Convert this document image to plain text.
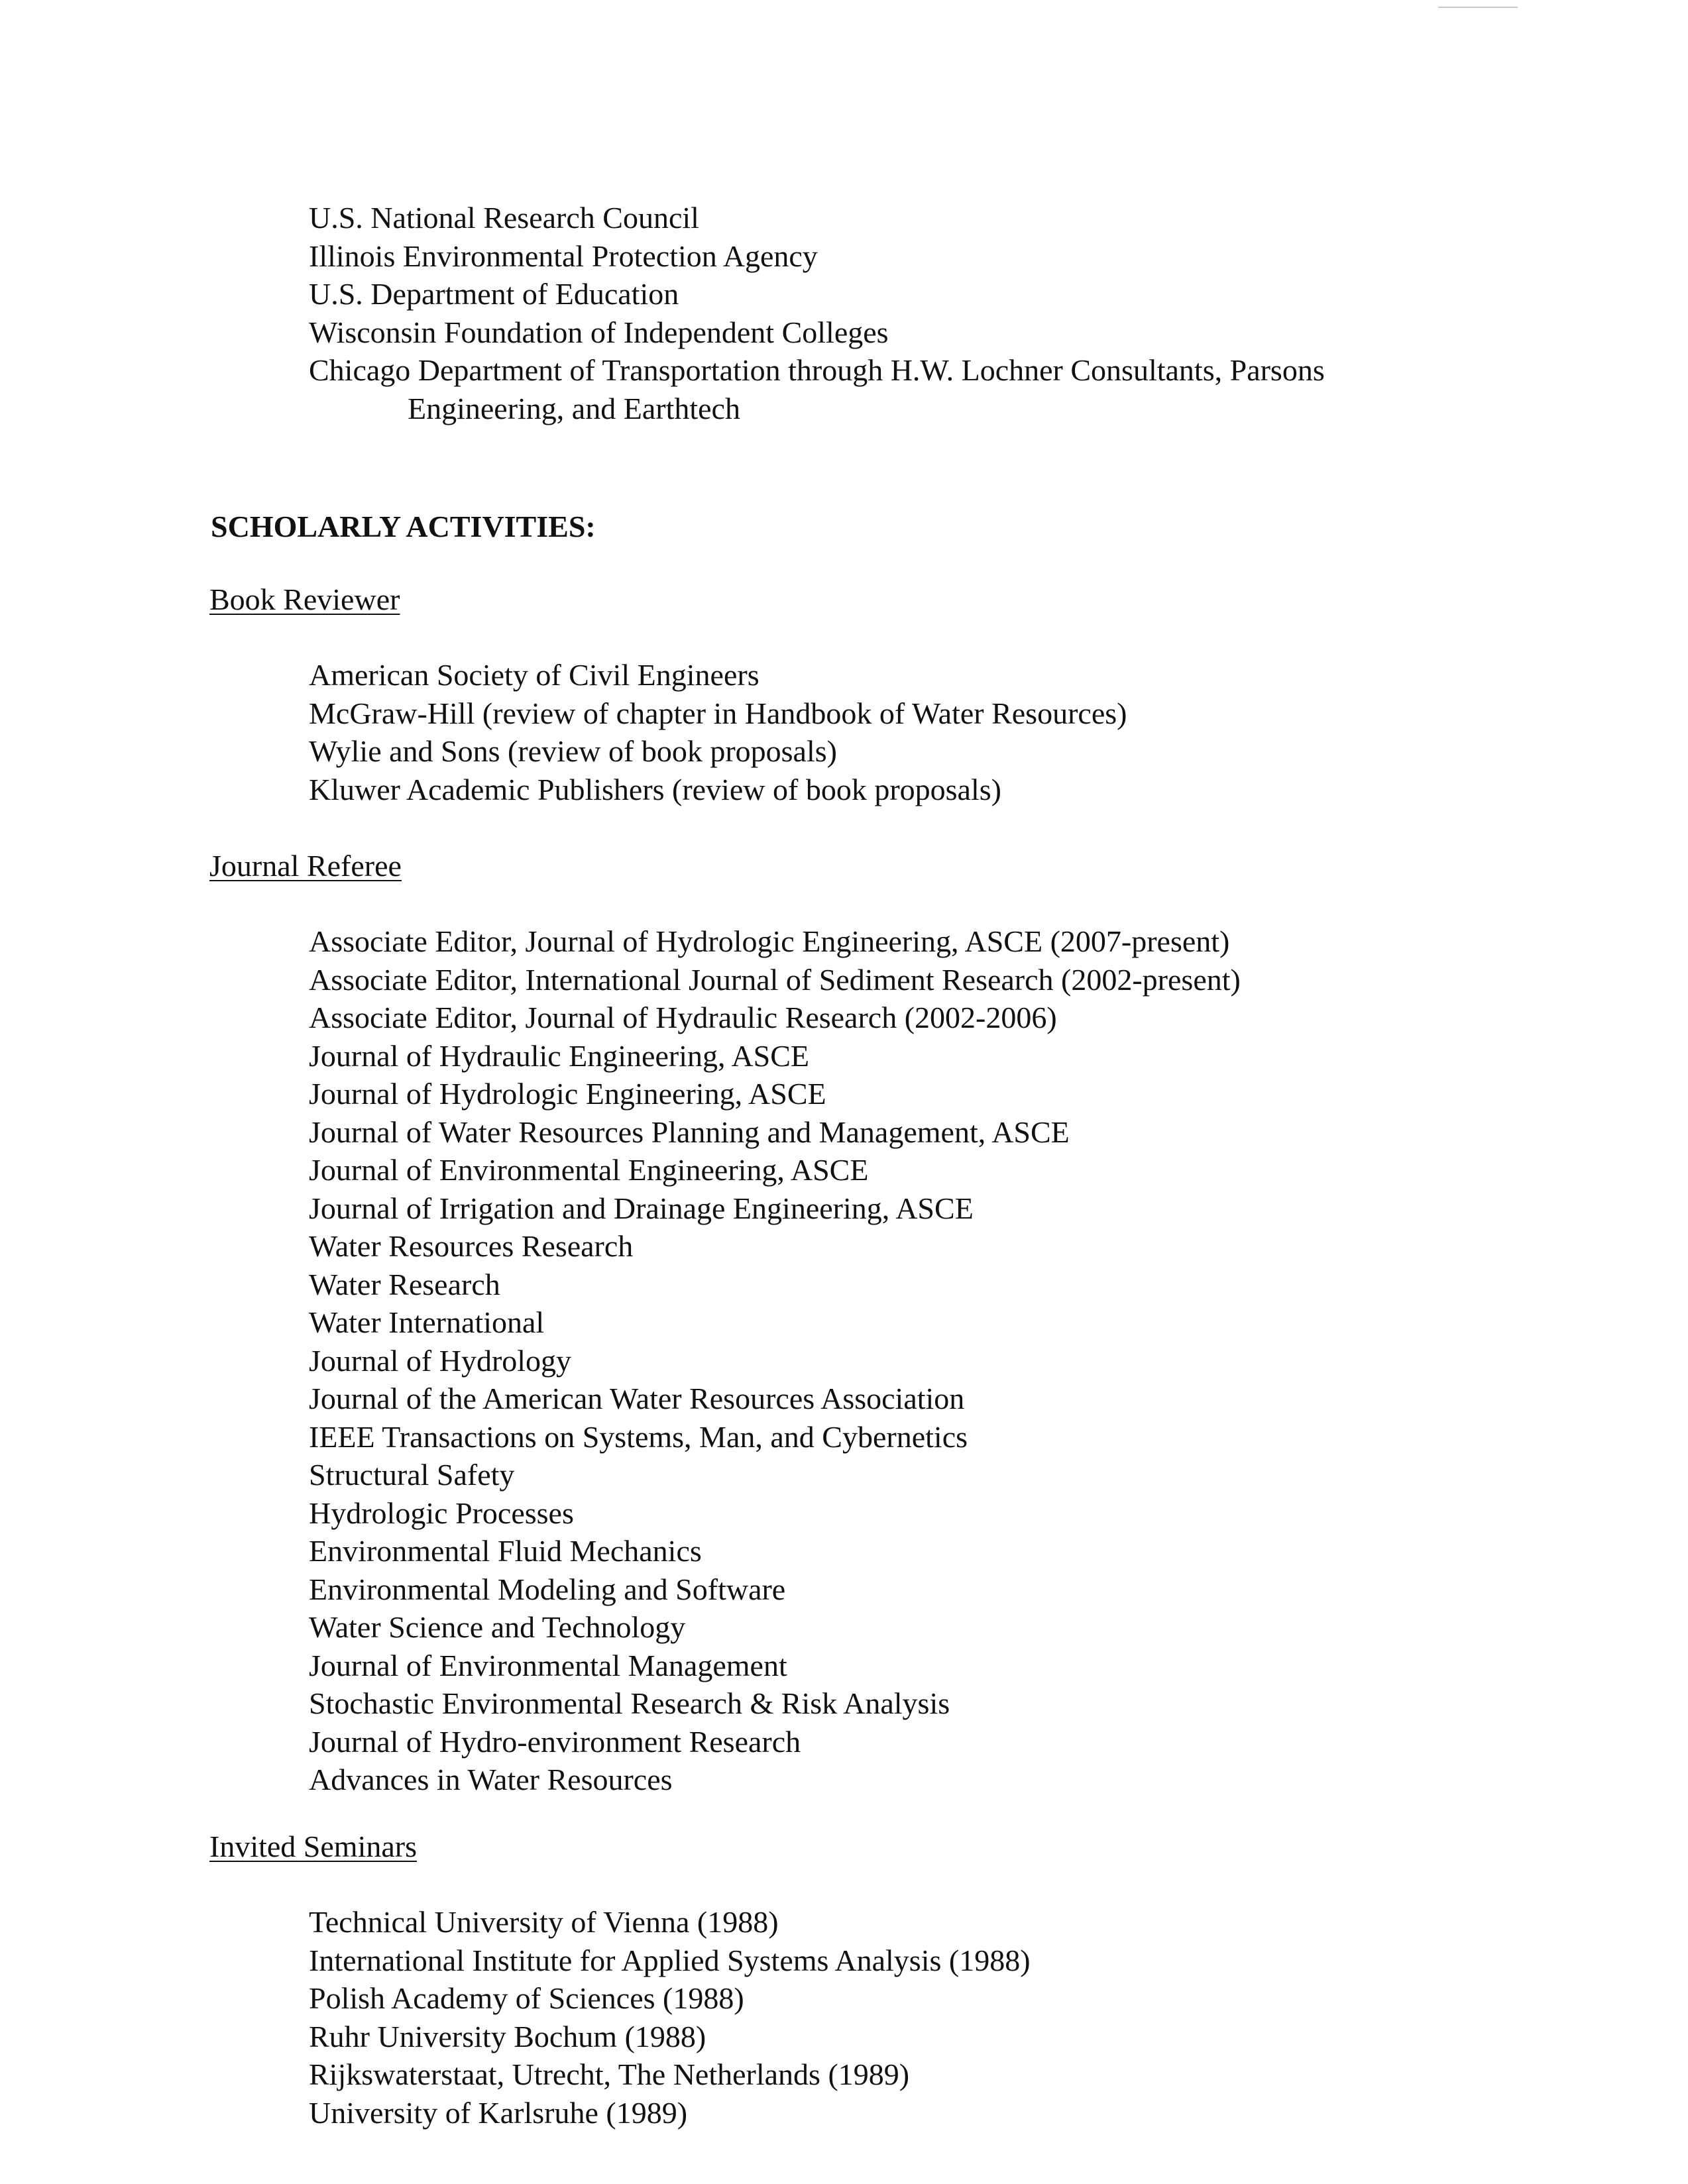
U.S. National Research Council
Illinois Environmental Protection Agency
U.S. Department of Education
Wisconsin Foundation of Independent Colleges
Chicago Department of Transportation through H.W. Lochner Consultants, Parsons
Engineering, and Earthtech
SCHOLARLY ACTIVITIES:
Book Reviewer
American Society of Civil Engineers
McGraw-Hill (review of chapter in Handbook of Water Resources)
Wylie and Sons (review of book proposals)
Kluwer Academic Publishers (review of book proposals)
Journal Referee
Associate Editor, Journal of Hydrologic Engineering, ASCE (2007-present)
Associate Editor, International Journal of Sediment Research (2002-present)
Associate Editor, Journal of Hydraulic Research (2002-2006)
Journal of Hydraulic Engineering, ASCE
Journal of Hydrologic Engineering, ASCE
Journal of Water Resources Planning and Management, ASCE
Journal of Environmental Engineering, ASCE
Journal of Irrigation and Drainage Engineering, ASCE
Water Resources Research
Water Research
Water International
Journal of Hydrology
Journal of the American Water Resources Association
IEEE Transactions on Systems, Man, and Cybernetics
Structural Safety
Hydrologic Processes
Environmental Fluid Mechanics
Environmental Modeling and Software
Water Science and Technology
Journal of Environmental Management
Stochastic Environmental Research & Risk Analysis
Journal of Hydro-environment Research
Advances in Water Resources
Invited Seminars
Technical University of Vienna (1988)
International Institute for Applied Systems Analysis (1988)
Polish Academy of Sciences (1988)
Ruhr University Bochum (1988)
Rijkswaterstaat, Utrecht, The Netherlands (1989)
University of Karlsruhe (1989)
